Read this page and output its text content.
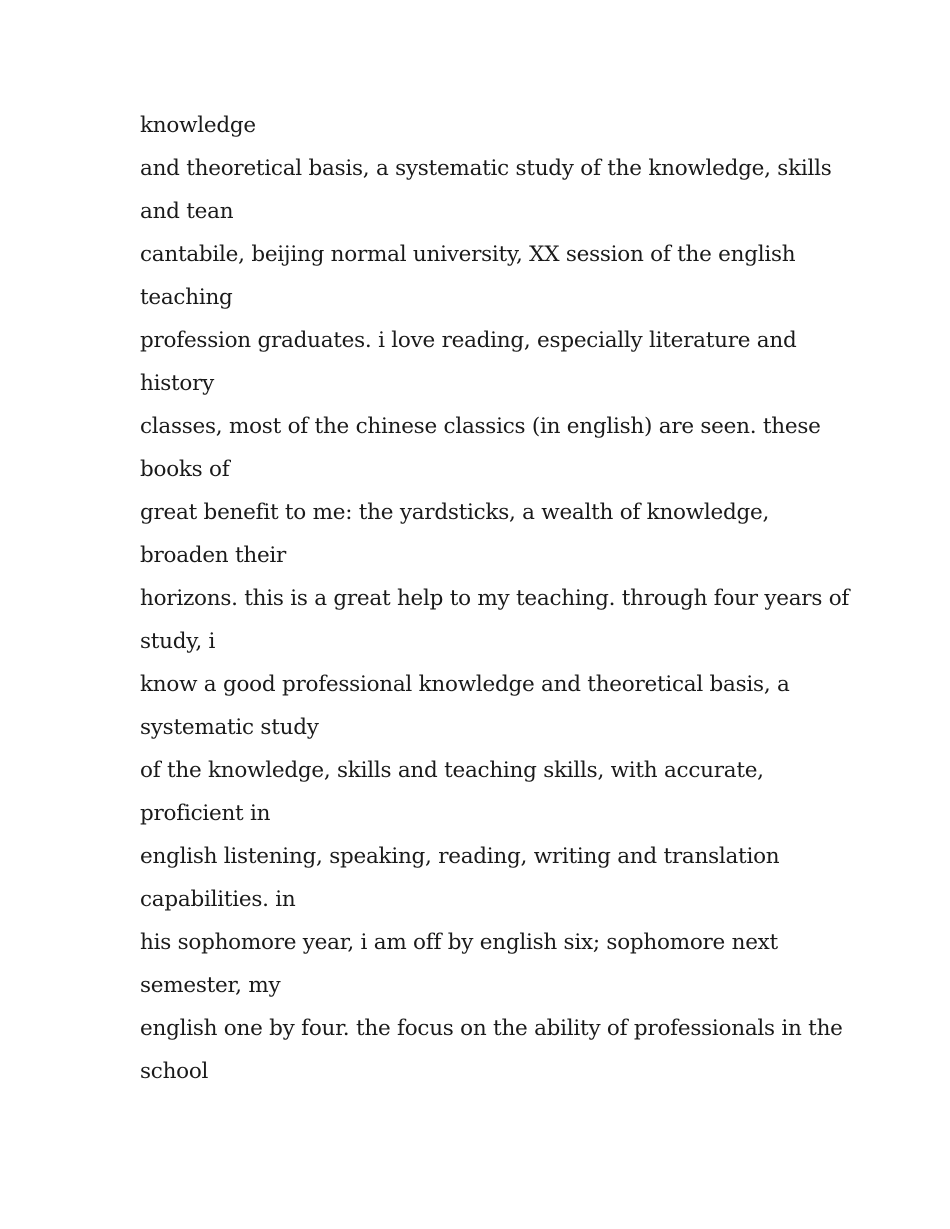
knowledge
and theoretical basis, a systematic study of the knowledge, skills
and tean
cantabile, beijing normal university, XX session of the english
teaching
profession graduates. i love reading, especially literature and
history
classes, most of the chinese classics (in english) are seen. these
books of
great benefit to me: the yardsticks, a wealth of knowledge,
broaden their
horizons. this is a great help to my teaching. through four years of
study, i
know a good professional knowledge and theoretical basis, a
systematic study
of the knowledge, skills and teaching skills, with accurate,
proficient in
english listening, speaking, reading, writing and translation
capabilities. in
his sophomore year, i am off by english six; sophomore next
semester, my
english one by four. the focus on the ability of professionals in the
school
